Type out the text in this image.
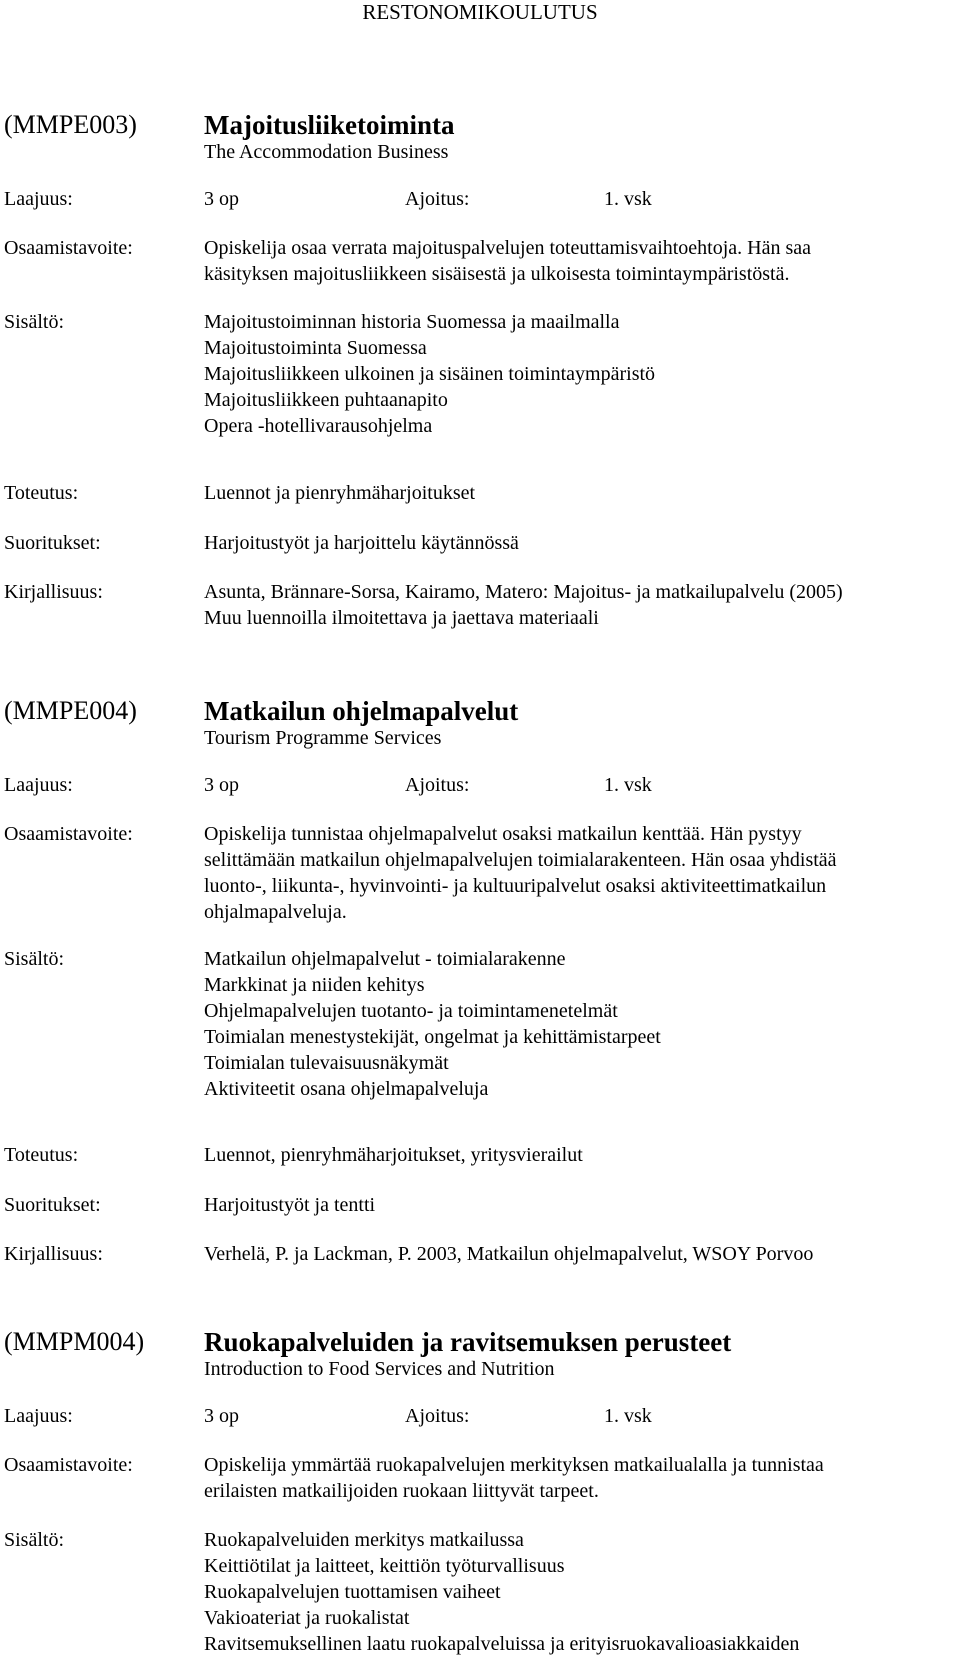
RESTONOMIKOULUTUS
(MMPE003) Majoitusliiketoiminta
The Accommodation Business
Laajuus:	3 op	Ajoitus:	1. vsk
Osaamistavoite:	Opiskelija osaa verrata majoituspalvelujen toteuttamisvaihtoehtoja. Hän saa
käsityksen majoitusliikkeen sisäisestä ja ulkoisesta toimintaympäristöstä.
Sisältö:	Majoitustoiminnan historia Suomessa ja maailmalla
Majoitustoiminta Suomessa
Majoitusliikkeen ulkoinen ja sisäinen toimintaympäristö
Majoitusliikkeen puhtaanapito
Opera -hotellivarausohjelma
Toteutus:	Luennot ja pienryhmäharjoitukset
Suoritukset:	Harjoitustyöt ja harjoittelu käytännössä
Kirjallisuus:	Asunta, Brännare-Sorsa, Kairamo, Matero: Majoitus- ja matkailupalvelu (2005)
Muu luennoilla ilmoitettava ja jaettava materiaali
(MMPE004) Matkailun ohjelmapalvelut
Tourism Programme Services
Laajuus:	3 op	Ajoitus:	1. vsk
Osaamistavoite:	Opiskelija tunnistaa ohjelmapalvelut osaksi matkailun kenttää. Hän pystyy
selittämään matkailun ohjelmapalvelujen toimialarakenteen. Hän osaa yhdistää
luonto-, liikunta-, hyvinvointi- ja kultuuripalvelut osaksi aktiviteettimatkailun
ohjalmapalveluja.
Sisältö:	Matkailun ohjelmapalvelut - toimialarakenne
Markkinat ja niiden kehitys
Ohjelmapalvelujen tuotanto- ja toimintamenetelmät
Toimialan menestystekijät, ongelmat ja kehittämistarpeet
Toimialan tulevaisuusnäkymät
Aktiviteetit osana ohjelmapalveluja
Toteutus:	Luennot, pienryhmäharjoitukset, yritysvierailut
Suoritukset:	Harjoitustyöt ja tentti
Kirjallisuus:	Verhelä, P. ja Lackman, P. 2003, Matkailun ohjelmapalvelut, WSOY Porvoo
(MMPM004) Ruokapalveluiden ja ravitsemuksen perusteet
Introduction to Food Services and Nutrition
Laajuus:	3 op	Ajoitus:	1. vsk
Osaamistavoite:	Opiskelija ymmärtää ruokapalvelujen merkityksen matkailualalla ja tunnistaa
erilaisten matkailijoiden ruokaan liittyvät tarpeet.
Sisältö:	Ruokapalveluiden merkitys matkailussa
Keittiötilat ja laitteet, keittiön työturvallisuus
Ruokapalvelujen tuottamisen vaiheet
Vakioateriat ja ruokalistat
Ravitsemuksellinen laatu ruokapalveluissa ja erityisruokavalioasiakkaiden
